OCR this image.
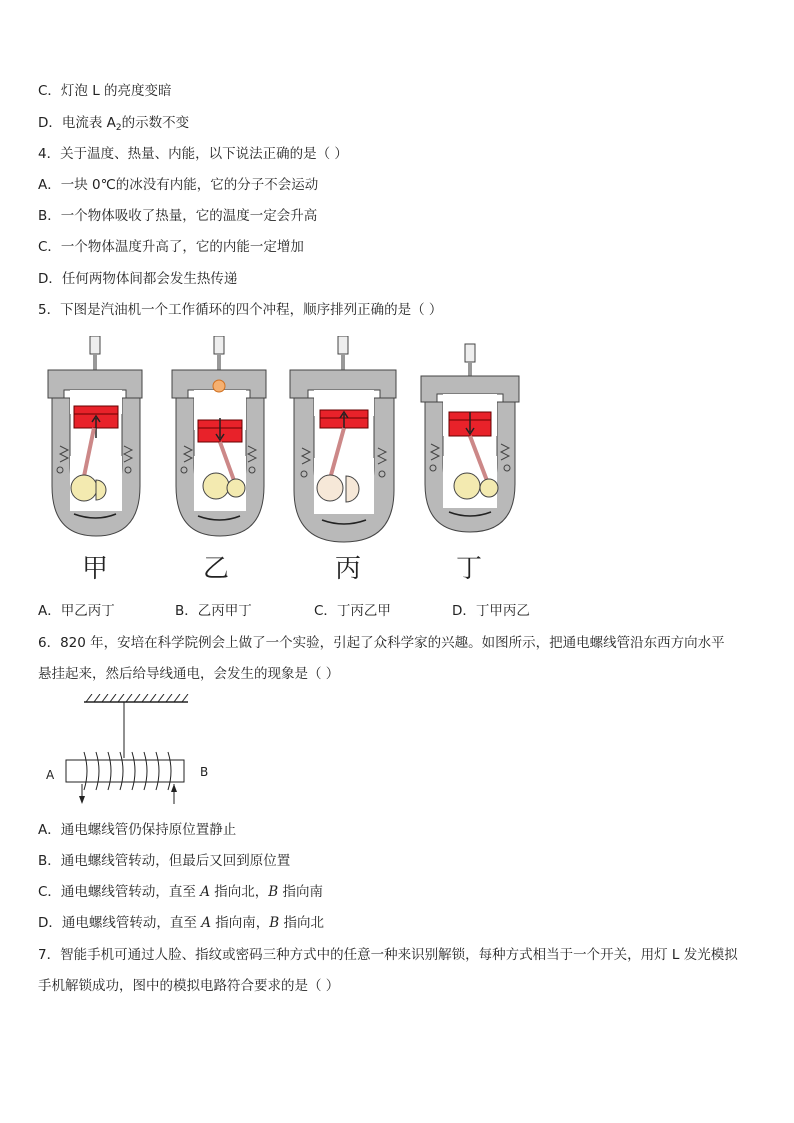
C．灯泡 L 的亮度变暗
D．电流表 $A_2$的示数不变
4．关于温度、热量、内能，以下说法正确的是（ ）
A．一块 0℃的冰没有内能，它的分子不会运动
B．一个物体吸收了热量，它的温度一定会升高
C．一个物体温度升高了，它的内能一定增加
D．任何两物体间都会发生热传递
5．下图是汽油机一个工作循环的四个冲程，顺序排列正确的是（ ）
甲	乙	丙	丁
A．甲乙丙丁	B．乙丙甲丁	C．丁丙乙甲	D．丁甲丙乙
6．820 年，安培在科学院例会上做了一个实验，引起了众科学家的兴趣。如图所示，把通电螺线管沿东西方向水平
悬挂起来，然后给导线通电，会发生的现象是（ ）
A	B
A．通电螺线管仍保持原位置静止
B．通电螺线管转动，但最后又回到原位置
C．通电螺线管转动，直至 A 指向北，B 指向南
D．通电螺线管转动，直至 A 指向南，B 指向北
7．智能手机可通过人脸、指纹或密码三种方式中的任意一种来识别解锁，每种方式相当于一个开关，用灯 L 发光模拟
手机解锁成功，图中的模拟电路符合要求的是（ ）
